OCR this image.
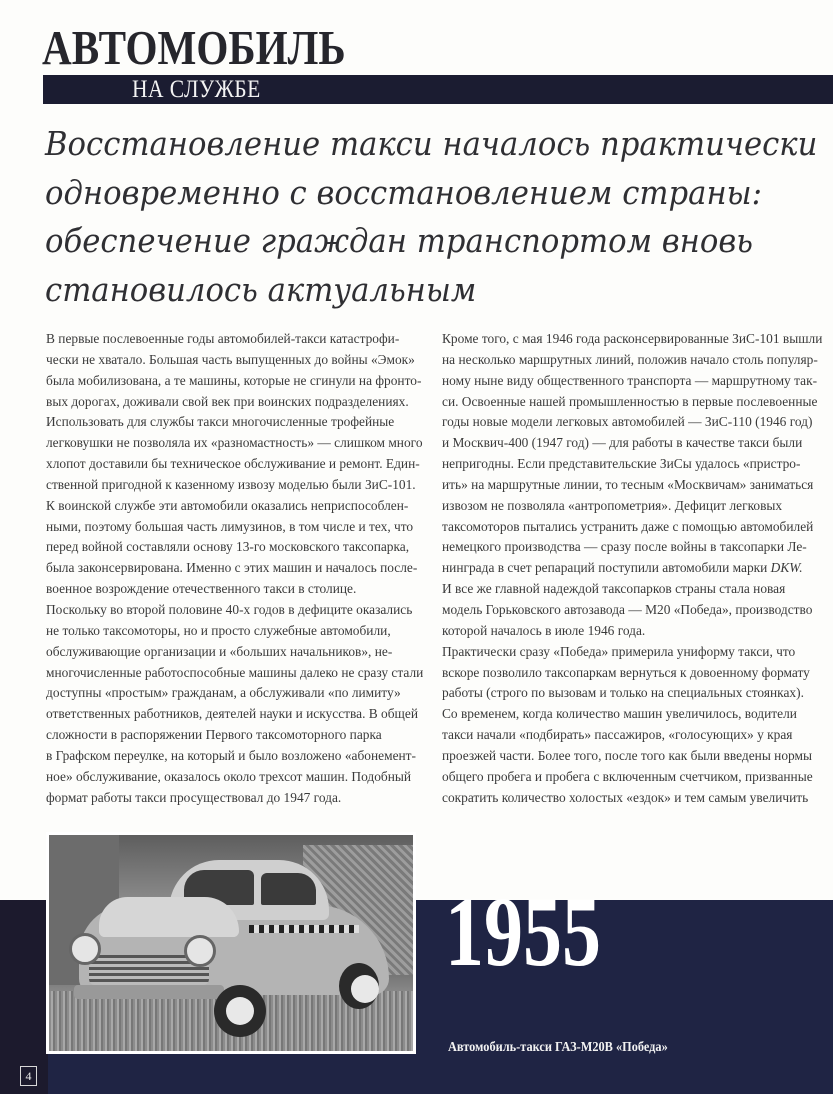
АВТОМОБИЛЬ
НА СЛУЖБЕ
Восстановление такси началось практически
одновременно с восстановлением страны:
обеспечение граждан транспортом вновь
становилось актуальным
В первые послевоенные годы автомобилей-такси катастрофи-
чески не хватало. Большая часть выпущенных до войны «Эмок»
была мобилизована, а те машины, которые не сгинули на фронто-
вых дорогах, доживали свой век при воинских подразделениях.
Использовать для службы такси многочисленные трофейные
легковушки не позволяла их «разномастность» — слишком много
хлопот доставили бы техническое обслуживание и ремонт. Един-
ственной пригодной к казенному извозу моделью были ЗиС-101.
К воинской службе эти автомобили оказались неприспособлен-
ными, поэтому большая часть лимузинов, в том числе и тех, что
перед войной составляли основу 13-го московского таксопарка,
была законсервирована. Именно с этих машин и началось после-
военное возрождение отечественного такси в столице.
Поскольку во второй половине 40-х годов в дефиците оказались
не только таксомоторы, но и просто служебные автомобили,
обслуживающие организации и «больших начальников», не-
многочисленные работоспособные машины далеко не сразу стали
доступны «простым» гражданам, а обслуживали «по лимиту»
ответственных работников, деятелей науки и искусства. В общей
сложности в распоряжении Первого таксомоторного парка
в Графском переулке, на который и было возложено «абонемент-
ное» обслуживание, оказалось около трехсот машин. Подобный
формат работы такси просуществовал до 1947 года.
Кроме того, с мая 1946 года расконсервированные ЗиС-101 вышли
на несколько маршрутных линий, положив начало столь популяр-
ному ныне виду общественного транспорта — маршрутному так-
си. Освоенные нашей промышленностью в первые послевоенные
годы новые модели легковых автомобилей — ЗиС-110 (1946 год)
и Москвич-400 (1947 год) — для работы в качестве такси были
непригодны. Если представительские ЗиСы удалось «пристро-
ить» на маршрутные линии, то тесным «Москвичам» заниматься
извозом не позволяла «антропометрия». Дефицит легковых
таксомоторов пытались устранить даже с помощью автомобилей
немецкого производства — сразу после войны в таксопарки Ле-
нинграда в счет репараций поступили автомобили марки DKW.
И все же главной надеждой таксопарков страны стала новая
модель Горьковского автозавода — М20 «Победа», производство
которой началось в июле 1946 года.
Практически сразу «Победа» примерила униформу такси, что
вскоре позволило таксопаркам вернуться к довоенному формату
работы (строго по вызовам и только на специальных стоянках).
Со временем, когда количество машин увеличилось, водители
такси начали «подбирать» пассажиров, «голосующих» у края
проезжей части. Более того, после того как были введены нормы
общего пробега и пробега с включенным счетчиком, призванные
сократить количество холостых «ездок» и тем самым увеличить
1955
Автомобиль-такси ГАЗ-М20В «Победа»
4
